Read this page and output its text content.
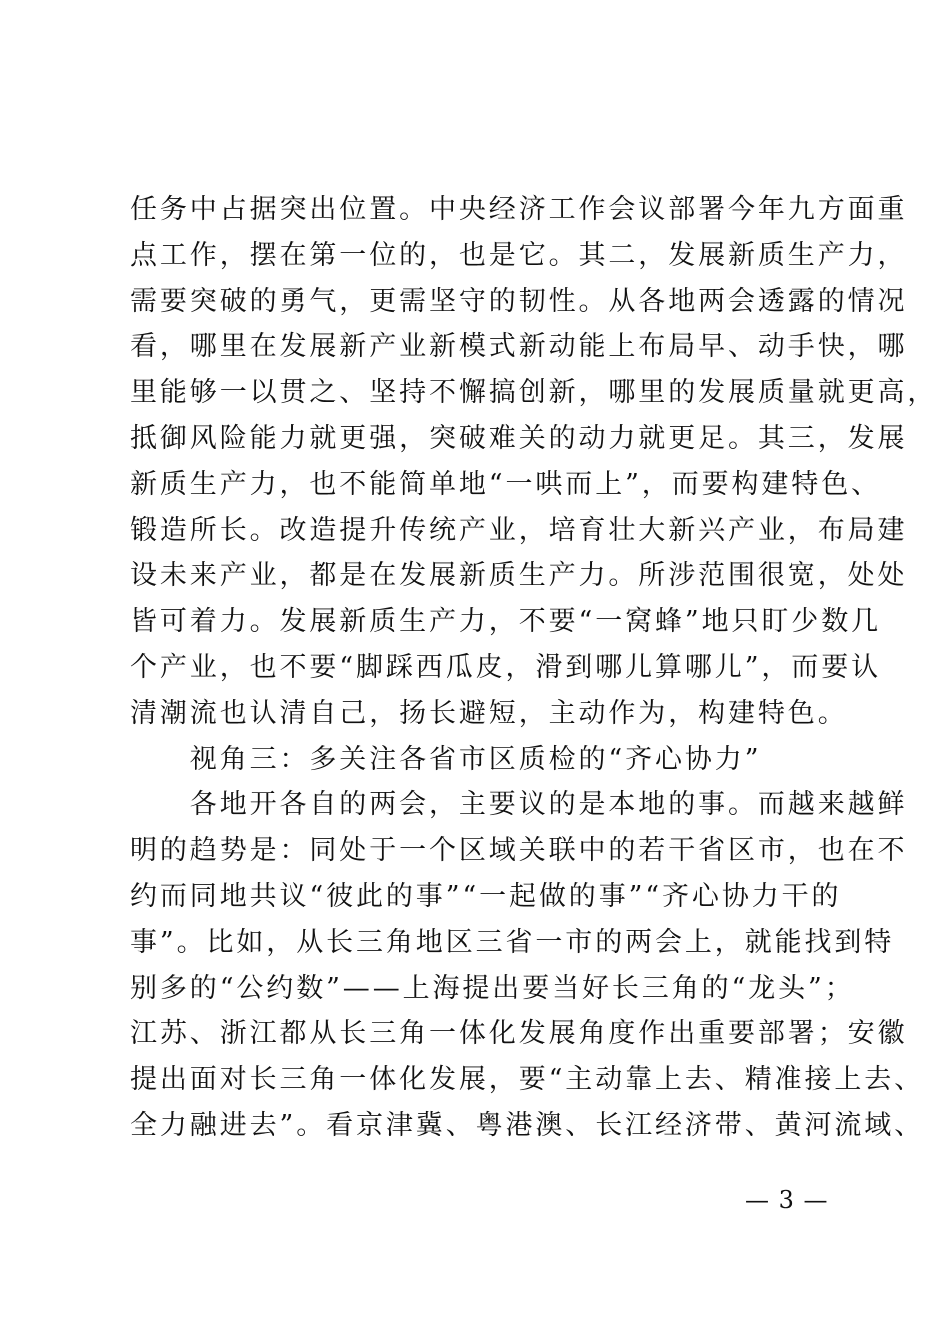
任务中占据突出位置。中央经济工作会议部署今年九方面重
点工作，摆在第一位的，也是它。其二，发展新质生产力，
需要突破的勇气，更需坚守的韧性。从各地两会透露的情况
看，哪里在发展新产业新模式新动能上布局早、动手快，哪
里能够一以贯之、坚持不懈搞创新，哪里的发展质量就更高，
抵御风险能力就更强，突破难关的动力就更足。其三，发展
新质生产力，也不能简单地“一哄而上”，而要构建特色、
锻造所长。改造提升传统产业，培育壮大新兴产业，布局建
设未来产业，都是在发展新质生产力。所涉范围很宽，处处
皆可着力。发展新质生产力，不要“一窝蜂”地只盯少数几
个产业，也不要“脚踩西瓜皮，滑到哪儿算哪儿”，而要认
清潮流也认清自己，扬长避短，主动作为，构建特色。
　　视角三：多关注各省市区质检的“齐心协力”
　　各地开各自的两会，主要议的是本地的事。而越来越鲜
明的趋势是：同处于一个区域关联中的若干省区市，也在不
约而同地共议“彼此的事”“一起做的事”“齐心协力干的
事”。比如，从长三角地区三省一市的两会上，就能找到特
别多的“公约数”——上海提出要当好长三角的“龙头”；
江苏、浙江都从长三角一体化发展角度作出重要部署；安徽
提出面对长三角一体化发展，要“主动靠上去、精准接上去、
全力融进去”。看京津冀、粤港澳、长江经济带、黄河流域、
— 3 —
